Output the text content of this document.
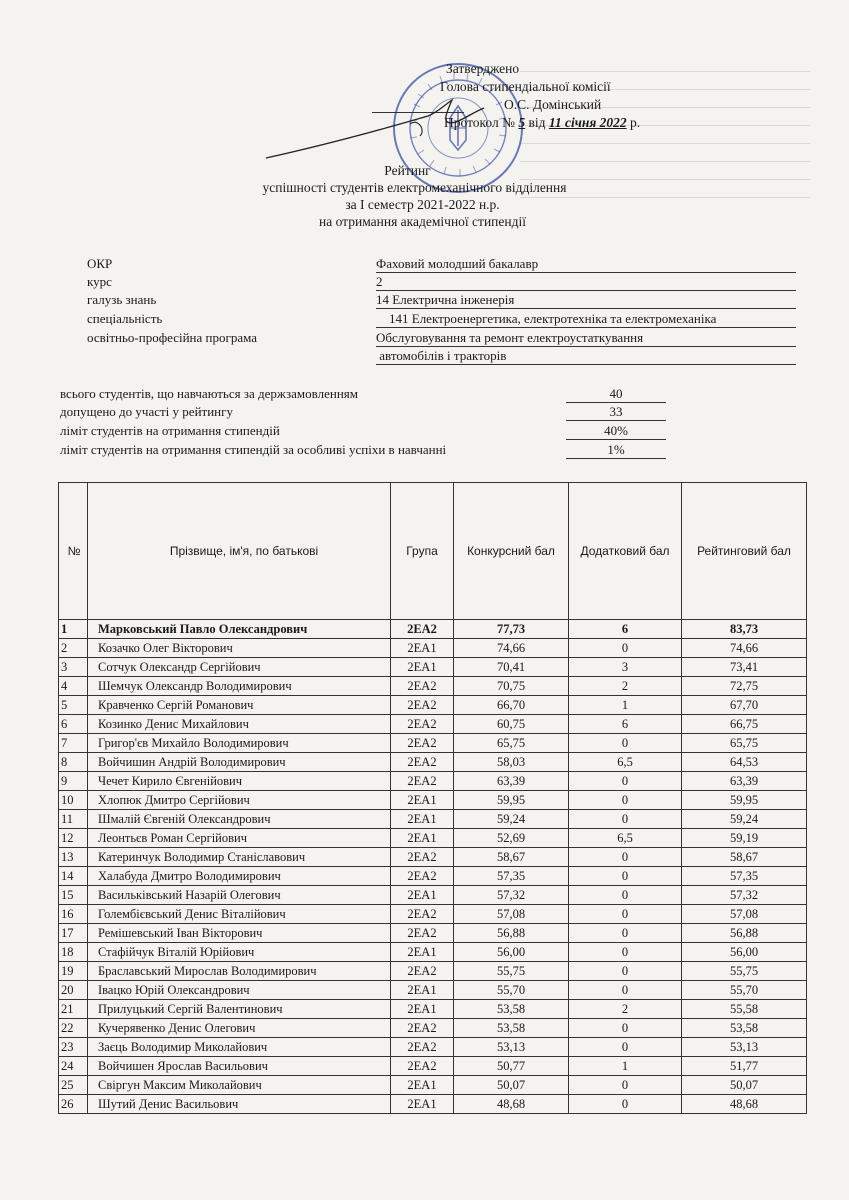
Затверджено
Голова стипендіальної комісії
О.С. Домінський
Протокол № 5 від 11 січня 2022 р.
Рейтинг
успішності студентів електромеханічного відділення
за I семестр 2021-2022 н.р.
на отримання академічної стипендії
ОКР	Фаховий молодший бакалавр
курс	2
галузь знань	14 Електрична інженерія
спеціальність	141 Електроенергетика, електротехніка та електромеханіка
освітньо-професійна програма	Обслуговування та ремонт електроустаткування
автомобілів і тракторів
всього студентів, що навчаються за держзамовленням	40
допущено до участі у рейтингу	33
ліміт студентів на отримання стипендій	40%
ліміт студентів на отримання стипендій за особливі успіхи в навчанні	1%
№	Прізвище, ім'я, по батькові	Група	Конкурсний бал	Додатковий бал	Рейтинговий бал
1	Марковський Павло Олександрович	2ЕА2	77,73	6	83,73
2	Козачко Олег Вікторович	2ЕА1	74,66	0	74,66
3	Сотчук Олександр Сергійович	2ЕА1	70,41	3	73,41
4	Шемчук Олександр Володимирович	2ЕА2	70,75	2	72,75
5	Кравченко Сергій Романович	2ЕА2	66,70	1	67,70
6	Козинко Денис Михайлович	2ЕА2	60,75	6	66,75
7	Григор'єв Михайло Володимирович	2ЕА2	65,75	0	65,75
8	Войчишин Андрій Володимирович	2ЕА2	58,03	6,5	64,53
9	Чечет Кирило Євгенійович	2ЕА2	63,39	0	63,39
10	Хлопюк Дмитро Сергійович	2ЕА1	59,95	0	59,95
11	Шмалій Євгеній Олександрович	2ЕА1	59,24	0	59,24
12	Леонтьєв Роман Сергійович	2ЕА1	52,69	6,5	59,19
13	Катеринчук Володимир Станіславович	2ЕА2	58,67	0	58,67
14	Халабуда Дмитро Володимирович	2ЕА2	57,35	0	57,35
15	Васильківський Назарій Олегович	2ЕА1	57,32	0	57,32
16	Голембієвський Денис Віталійович	2ЕА2	57,08	0	57,08
17	Ремішевський Іван Вікторович	2ЕА2	56,88	0	56,88
18	Стафійчук Віталій Юрійович	2ЕА1	56,00	0	56,00
19	Браславський Мирослав Володимирович	2ЕА2	55,75	0	55,75
20	Івацко Юрій Олександрович	2ЕА1	55,70	0	55,70
21	Прилуцький Сергій Валентинович	2ЕА1	53,58	2	55,58
22	Кучерявенко Денис Олегович	2ЕА2	53,58	0	53,58
23	Заєць Володимир Миколайович	2ЕА2	53,13	0	53,13
24	Войчишен Ярослав Васильович	2ЕА2	50,77	1	51,77
25	Свіргун Максим Миколайович	2ЕА1	50,07	0	50,07
26	Шутий Денис Васильович	2ЕА1	48,68	0	48,68
